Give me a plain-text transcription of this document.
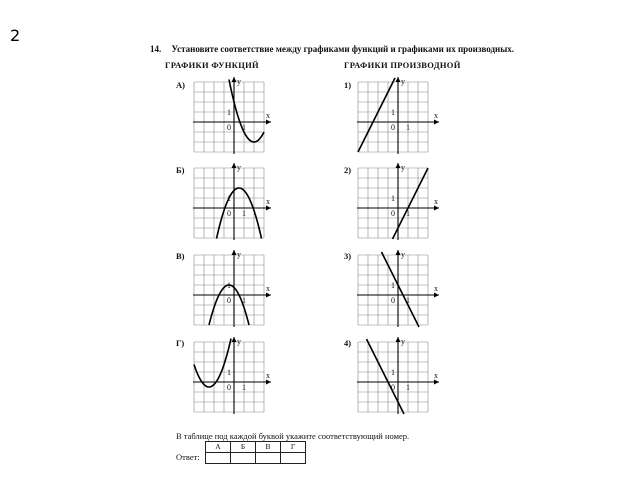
2
14. Установите соответствие между графиками функций и графиками их производных.
ГРАФИКИ ФУНКЦИЙ	ГРАФИКИ ПРОИЗВОДНОЙ
А)
Б)
В)
Г)
1)
2)
3)
4)
x
y
0 1
1
x
y
0 1
1
x
y
0 1
1
x
y
0 1
1
x
y
0 1
1
x
y
0 1
1
x
y
0 1
1
x
y
0 1
1
В таблице под каждой буквой укажите соответствующий номер.
Ответ:
А	Б	В	Г
